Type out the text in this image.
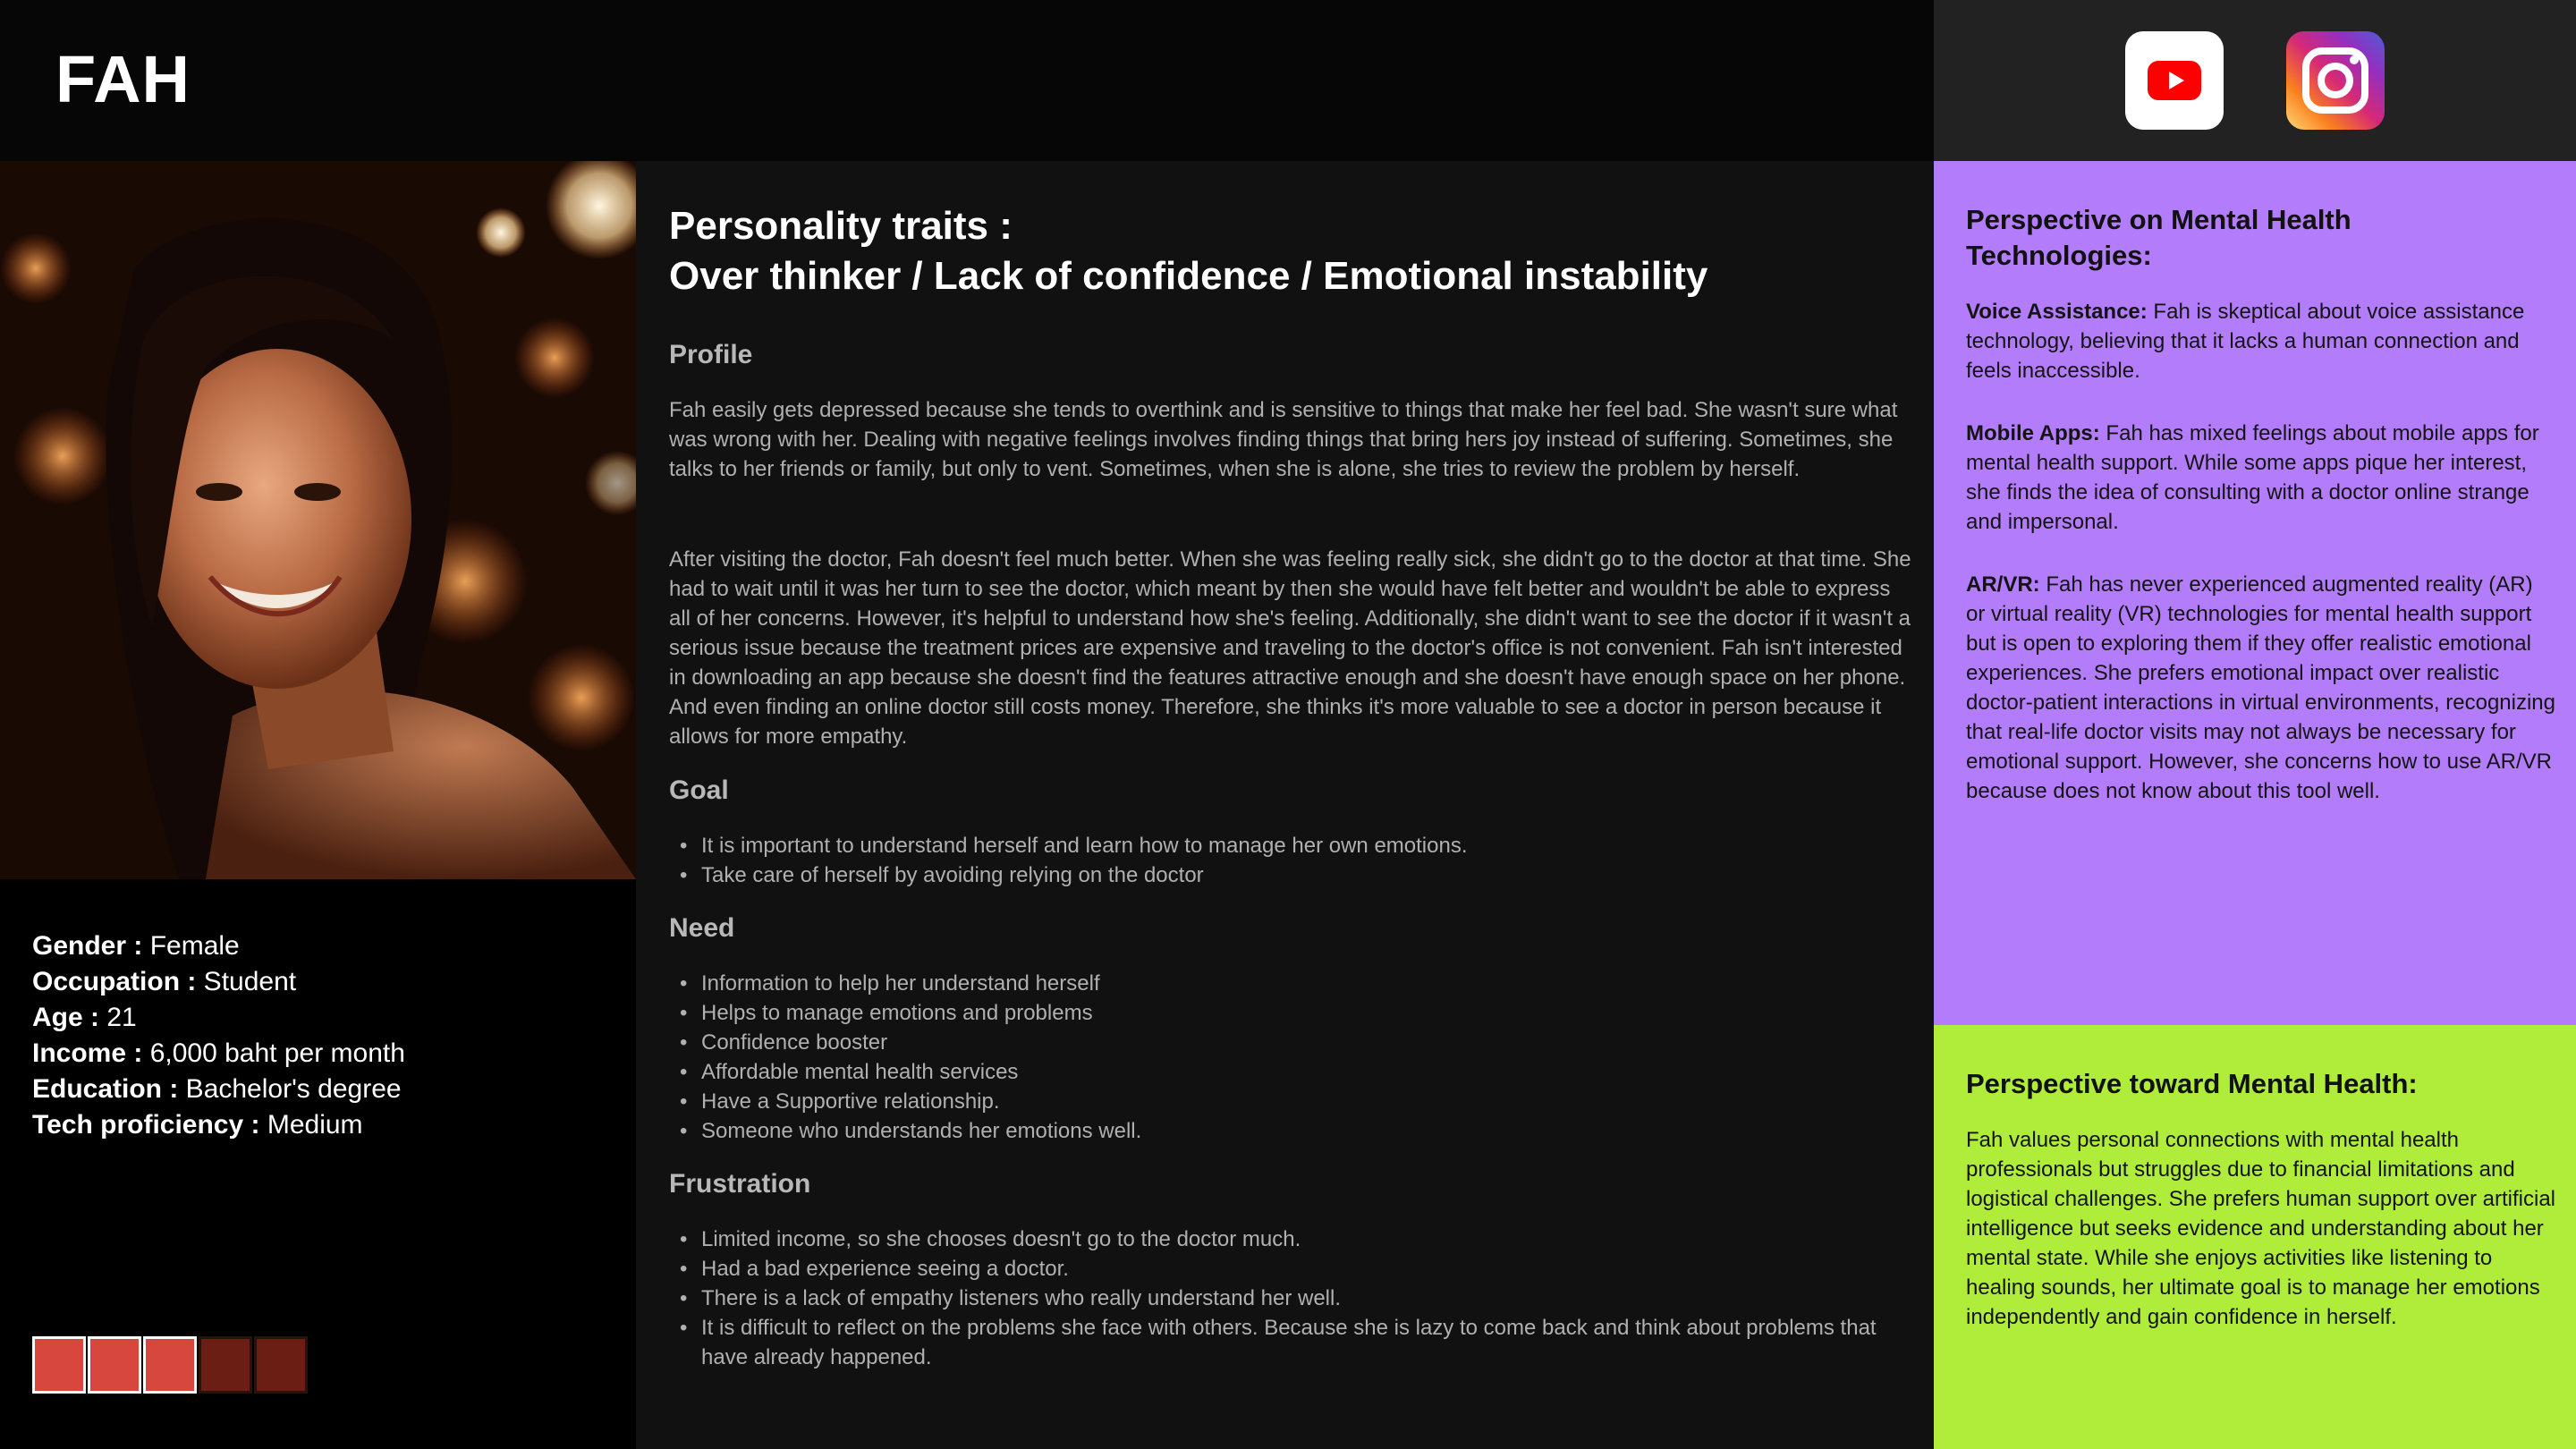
FAH
Gender : Female
Occupation : Student
Age : 21
Income : 6,000 baht per month
Education : Bachelor's degree
Tech proficiency : Medium
Personality traits :
Over thinker / Lack of confidence / Emotional instability
Profile

Fah easily gets depressed because she tends to overthink and is sensitive to things that make her feel bad. She wasn't sure what was wrong with her. Dealing with negative feelings involves finding things that bring hers joy instead of suffering. Sometimes, she talks to her friends or family, but only to vent. Sometimes, when she is alone, she tries to review the problem by herself.

After visiting the doctor, Fah doesn't feel much better. When she was feeling really sick, she didn't go to the doctor at that time. She had to wait until it was her turn to see the doctor, which meant by then she would have felt better and wouldn't be able to express all of her concerns. However, it's helpful to understand how she's feeling. Additionally, she didn't want to see the doctor if it wasn't a serious issue because the treatment prices are expensive and traveling to the doctor's office is not convenient. Fah isn't interested in downloading an app because she doesn't find the features attractive enough and she doesn't have enough space on her phone. And even finding an online doctor still costs money. Therefore, she thinks it's more valuable to see a doctor in person because it allows for more empathy.

Goal
• It is important to understand herself and learn how to manage her own emotions.
• Take care of herself by avoiding relying on the doctor
Need
• Information to help her understand herself
• Helps to manage emotions and problems
• Confidence booster
• Affordable mental health services
• Have a Supportive relationship.
• Someone who understands her emotions well.
Frustration
• Limited income, so she chooses doesn't go to the doctor much.
• Had a bad experience seeing a doctor.
• There is a lack of empathy listeners who really understand her well.
• It is difficult to reflect on the problems she face with others. Because she is lazy to come back and think about problems that have already happened.
Perspective on Mental Health Technologies:

Voice Assistance: Fah is skeptical about voice assistance technology, believing that it lacks a human connection and feels inaccessible.

Mobile Apps: Fah has mixed feelings about mobile apps for mental health support. While some apps pique her interest, she finds the idea of consulting with a doctor online strange and impersonal.

AR/VR: Fah has never experienced augmented reality (AR) or virtual reality (VR) technologies for mental health support but is open to exploring them if they offer realistic emotional experiences. She prefers emotional impact over realistic doctor-patient interactions in virtual environments, recognizing that real-life doctor visits may not always be necessary for emotional support. However, she concerns how to use AR/VR because does not know about this tool well.

Perspective toward Mental Health:

Fah values personal connections with mental health professionals but struggles due to financial limitations and logistical challenges. She prefers human support over artificial intelligence but seeks evidence and understanding about her mental state. While she enjoys activities like listening to healing sounds, her ultimate goal is to manage her emotions independently and gain confidence in herself.
